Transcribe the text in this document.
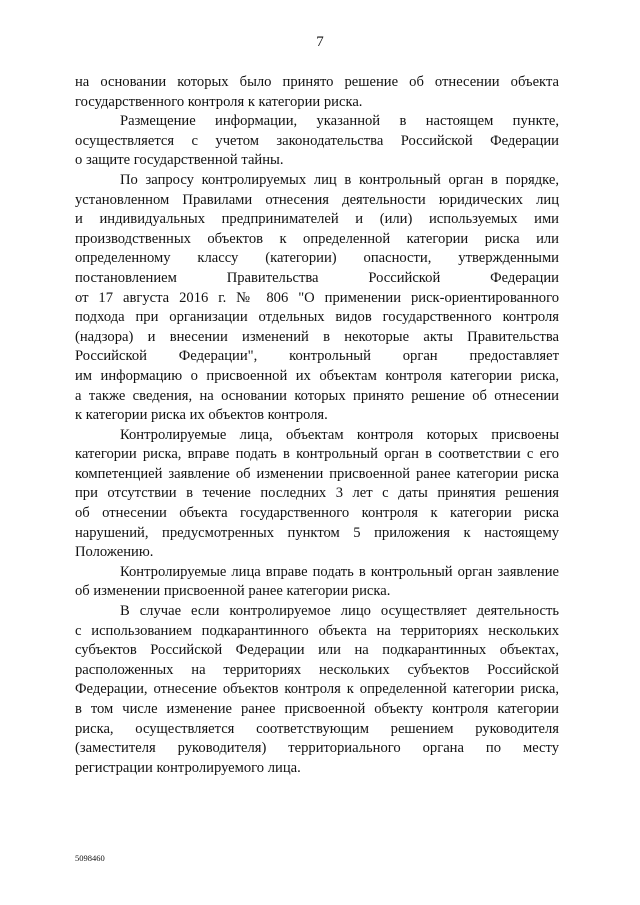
7
на основании которых было принято решение об отнесении объекта
государственного контроля к категории риска.
Размещение информации, указанной в настоящем пункте,
осуществляется с учетом законодательства Российской Федерации
о защите государственной тайны.
По запросу контролируемых лиц в контрольный орган в порядке,
установленном Правилами отнесения деятельности юридических лиц
и индивидуальных предпринимателей и (или) используемых ими
производственных объектов к определенной категории риска или
определенному классу (категории) опасности, утвержденными
постановлением Правительства Российской Федерации
от 17 августа 2016 г. № 806 "О применении риск-ориентированного
подхода при организации отдельных видов государственного контроля
(надзора) и внесении изменений в некоторые акты Правительства
Российской Федерации", контрольный орган предоставляет
им информацию о присвоенной их объектам контроля категории риска,
а также сведения, на основании которых принято решение об отнесении
к категории риска их объектов контроля.
Контролируемые лица, объектам контроля которых присвоены
категории риска, вправе подать в контрольный орган в соответствии с его
компетенцией заявление об изменении присвоенной ранее категории риска
при отсутствии в течение последних 3 лет с даты принятия решения
об отнесении объекта государственного контроля к категории риска
нарушений, предусмотренных пунктом 5 приложения к настоящему
Положению.
Контролируемые лица вправе подать в контрольный орган заявление
об изменении присвоенной ранее категории риска.
В случае если контролируемое лицо осуществляет деятельность
с использованием подкарантинного объекта на территориях нескольких
субъектов Российской Федерации или на подкарантинных объектах,
расположенных на территориях нескольких субъектов Российской
Федерации, отнесение объектов контроля к определенной категории риска,
в том числе изменение ранее присвоенной объекту контроля категории
риска, осуществляется соответствующим решением руководителя
(заместителя руководителя) территориального органа по месту
регистрации контролируемого лица.
5098460
